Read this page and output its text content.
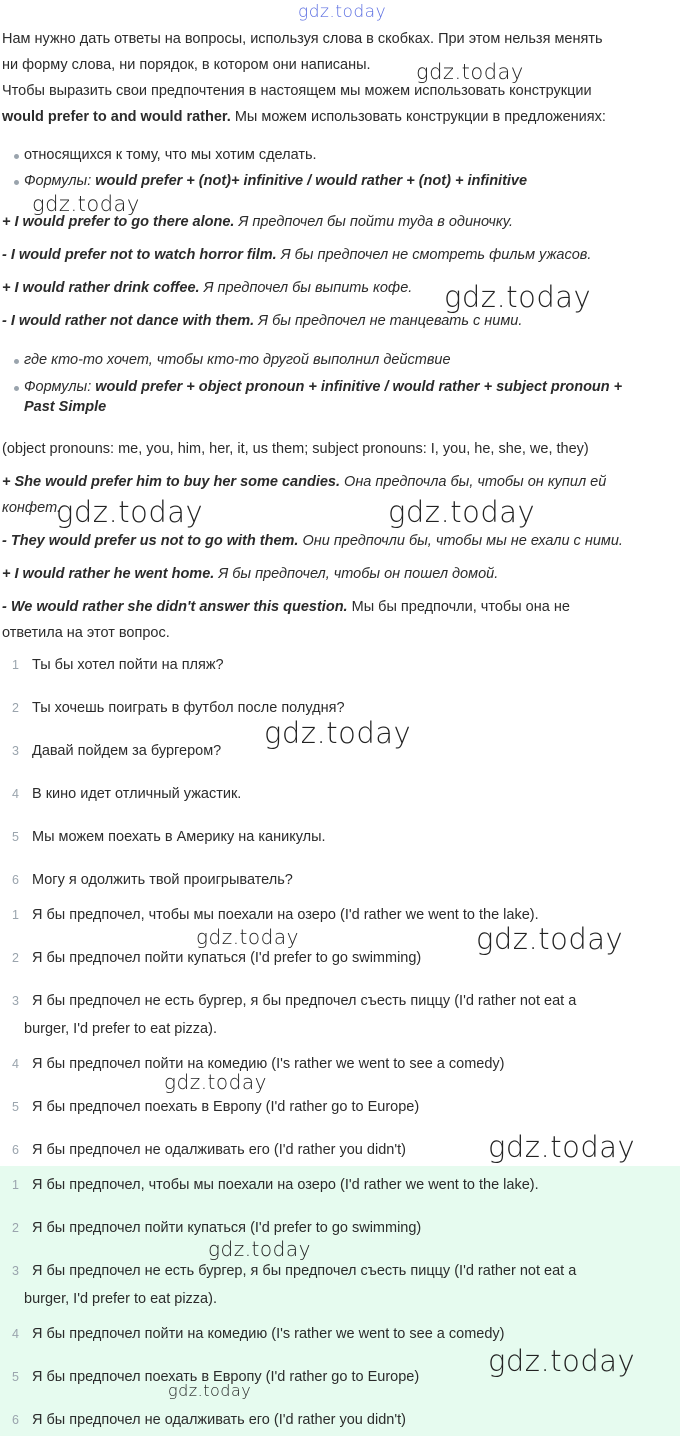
gdz.today
Нам нужно дать ответы на вопросы, используя слова в скобках. При этом нельзя менять
ни форму слова, ни порядок, в котором они написаны. gdz.today
Чтобы выразить свои предпочтения в настоящем мы можем использовать конструкции
would prefer to and would rather. Мы можем использовать конструкции в предложениях:
относящихся к тому, что мы хотим сделать.
Формулы: would prefer + (not)+ infinitive / would rather + (not) + infinitive
gdz.today
+ I would prefer to go there alone. Я предпочел бы пойти туда в одиночку.
- I would prefer not to watch horror film. Я бы предпочел не смотреть фильм ужасов.
+ I would rather drink coffee. Я предпочел бы выпить кофе. gdz.today
- I would rather not dance with them. Я бы предпочел не танцевать с ними.
где кто-то хочет, чтобы кто-то другой выполнил действие
Формулы: would prefer + object pronoun + infinitive / would rather + subject pronoun +
Past Simple
(object pronouns: me, you, him, her, it, us them; subject pronouns: I, you, he, she, we, they)
+ She would prefer him to buy her some candies. Она предпочла бы, чтобы он купил ей
конфет.
gdz.today	gdz.today
- They would prefer us not to go with them. Они предпочли бы, чтобы мы не ехали с ними.
+ I would rather he went home. Я бы предпочел, чтобы он пошел домой.
- We would rather she didn't answer this question. Мы бы предпочли, чтобы она не
ответила на этот вопрос.
1 Ты бы хотел пойти на пляж?
2 Ты хочешь поиграть в футбол после полудня?
3 Давай пойдем за бургером?
gdz.today
4 В кино идет отличный ужастик.
5 Мы можем поехать в Америку на каникулы.
6 Могу я одолжить твой проигрыватель?
1 Я бы предпочел, чтобы мы поехали на озеро (I'd rather we went to the lake).
gdz.today	gdz.today
2 Я бы предпочел пойти купаться (I'd prefer to go swimming)
3 Я бы предпочел не есть бургер, я бы предпочел съесть пиццу (I'd rather not eat a
burger, I'd prefer to eat pizza).
4 Я бы предпочел пойти на комедию (I's rather we went to see a comedy)
gdz.today
5 Я бы предпочел поехать в Европу (I'd rather go to Europe)
6 Я бы предпочел не одалживать его (I'd rather you didn't)	gdz.today
1 Я бы предпочел, чтобы мы поехали на озеро (I'd rather we went to the lake).
2 Я бы предпочел пойти купаться (I'd prefer to go swimming)
gdz.today
3 Я бы предпочел не есть бургер, я бы предпочел съесть пиццу (I'd rather not eat a
burger, I'd prefer to eat pizza).
4 Я бы предпочел пойти на комедию (I's rather we went to see a comedy)
gdz.today
5 Я бы предпочел поехать в Европу (I'd rather go to Europe)
gdz.today
6 Я бы предпочел не одалживать его (I'd rather you didn't)
